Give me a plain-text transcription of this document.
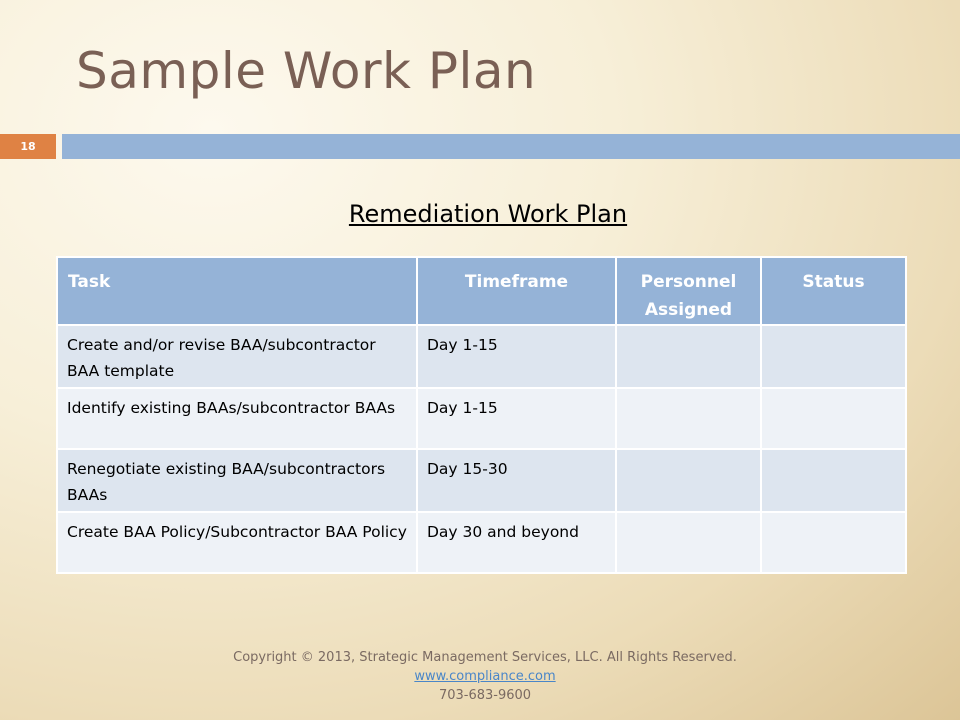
Sample Work Plan
18
Remediation Work Plan
Task	Timeframe	Personnel Assigned	Status
Create and/or revise BAA/subcontractor BAA template	Day 1-15		
Identify existing BAAs/subcontractor BAAs	Day 1-15		
Renegotiate existing BAA/subcontractors BAAs	Day 15-30		
Create BAA Policy/Subcontractor BAA Policy	Day 30 and beyond		
Copyright © 2013, Strategic Management Services, LLC. All Rights Reserved.
www.compliance.com
703-683-9600
